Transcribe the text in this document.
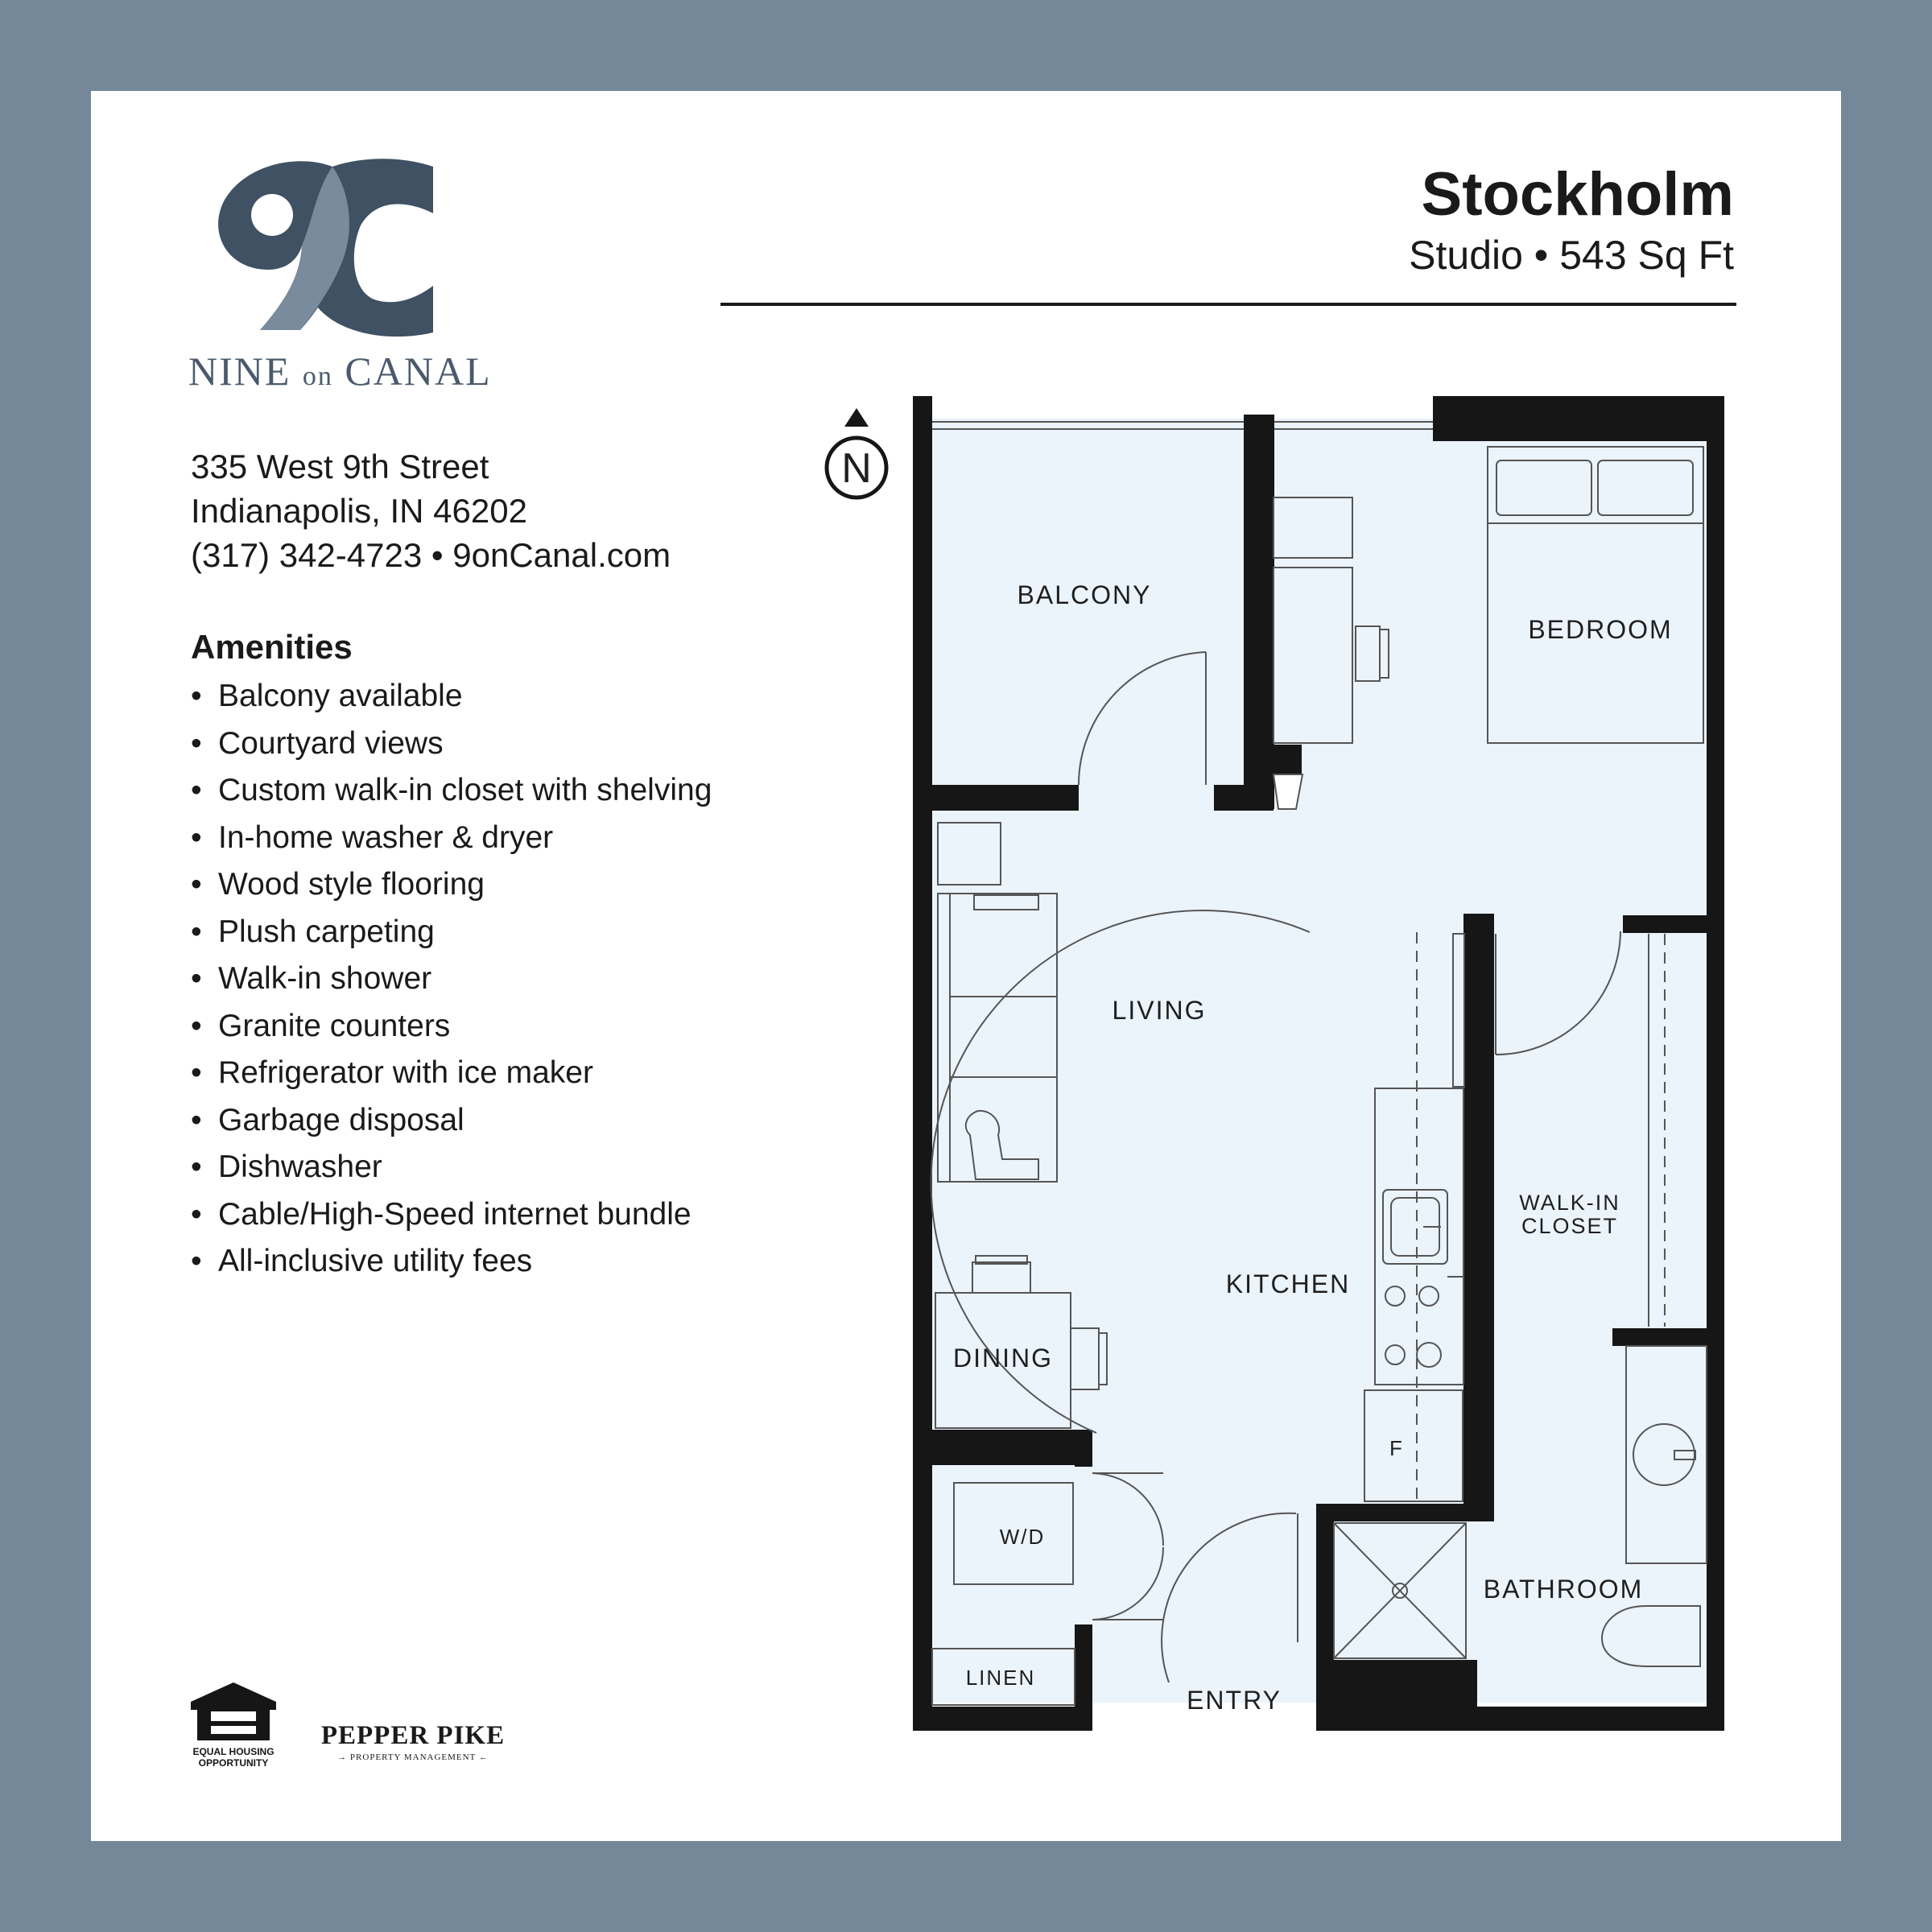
NINE on CANAL
335 West 9th Street
Indianapolis, IN 46202
(317) 342-4723 • 9onCanal.com
Amenities
• Balcony available
• Courtyard views
• Custom walk-in closet with shelving
• In-home washer & dryer
• Wood style flooring
• Plush carpeting
• Walk-in shower
• Granite counters
• Refrigerator with ice maker
• Garbage disposal
• Dishwasher
• Cable/High-Speed internet bundle
• All-inclusive utility fees
Stockholm
Studio • 543 Sq Ft
N
BALCONY
BEDROOM
LIVING
WALK-IN
CLOSET
KITCHEN
DINING
F
W/D
BATHROOM
LINEN
ENTRY
EQUAL HOUSING
OPPORTUNITY
PEPPER PIKE
→ PROPERTY MANAGEMENT ←
